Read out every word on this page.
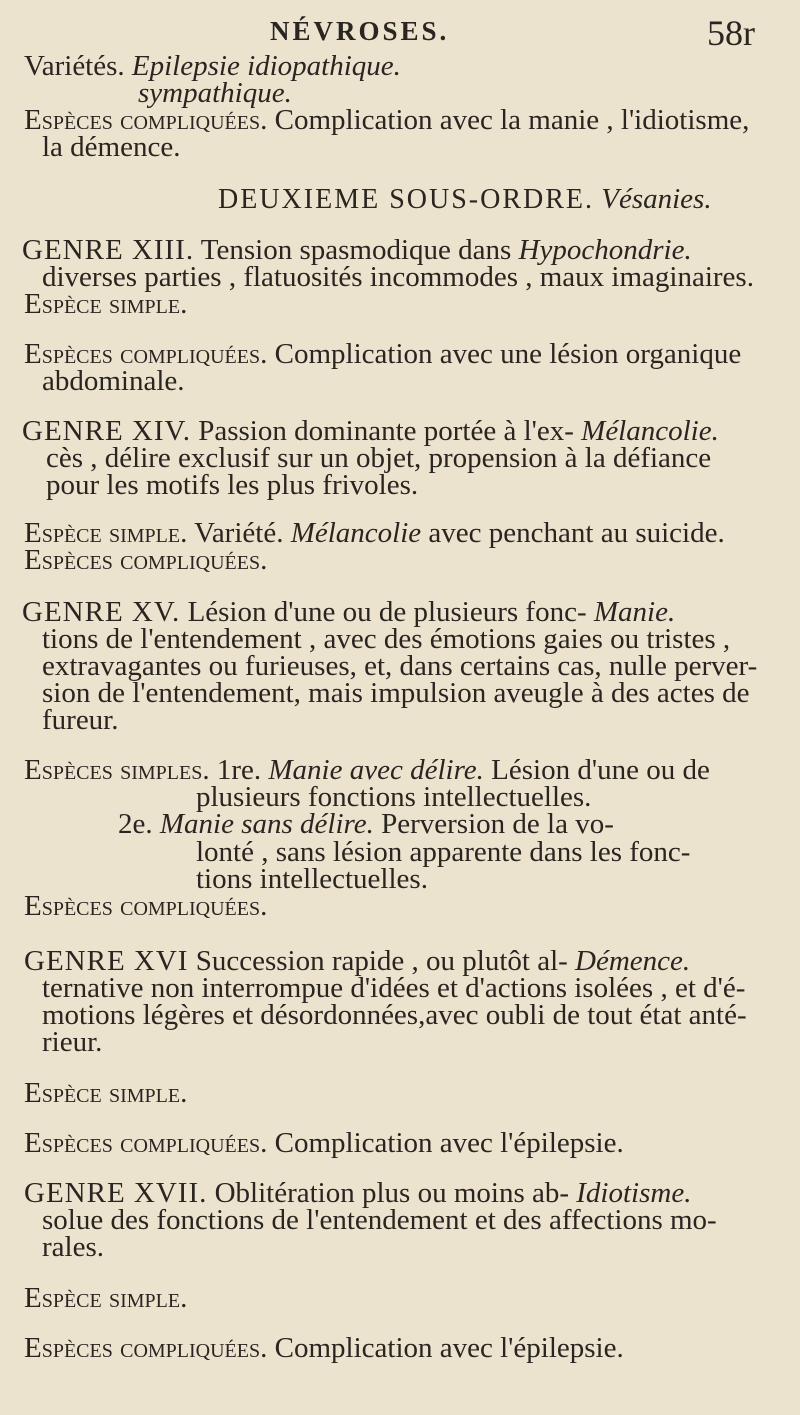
NÉVROSES.	58r
Variétés. Epilepsie idiopathique.
sympathique.
Espèces compliquées. Complication avec la manie , l'idiotisme,
la démence.
DEUXIEME SOUS-ORDRE. Vésanies.
GENRE XIII. Tension spasmodique dans Hypochondrie.
diverses parties , flatuosités incommodes , maux imaginaires.
Espèce simple.
Espèces compliquées. Complication avec une lésion organique
abdominale.
GENRE XIV. Passion dominante portée à l'ex- Mélancolie.
cès , délire exclusif sur un objet, propension à la défiance
pour les motifs les plus frivoles.
Espèce simple. Variété. Mélancolie avec penchant au suicide.
Espèces compliquées.
GENRE XV. Lésion d'une ou de plusieurs fonc- Manie.
tions de l'entendement , avec des émotions gaies ou tristes ,
extravagantes ou furieuses, et, dans certains cas, nulle perver-
sion de l'entendement, mais impulsion aveugle à des actes de
fureur.
Espèces simples. 1re. Manie avec délire. Lésion d'une ou de
plusieurs fonctions intellectuelles.
2e. Manie sans délire. Perversion de la vo-
lonté , sans lésion apparente dans les fonc-
tions intellectuelles.
Espèces compliquées.
GENRE XVI Succession rapide , ou plutôt al- Démence.
ternative non interrompue d'idées et d'actions isolées , et d'é-
motions légères et désordonnées,avec oubli de tout état anté-
rieur.
Espèce simple.
Espèces compliquées. Complication avec l'épilepsie.
GENRE XVII. Oblitération plus ou moins ab- Idiotisme.
solue des fonctions de l'entendement et des affections mo-
rales.
Espèce simple.
Espèces compliquées. Complication avec l'épilepsie.
